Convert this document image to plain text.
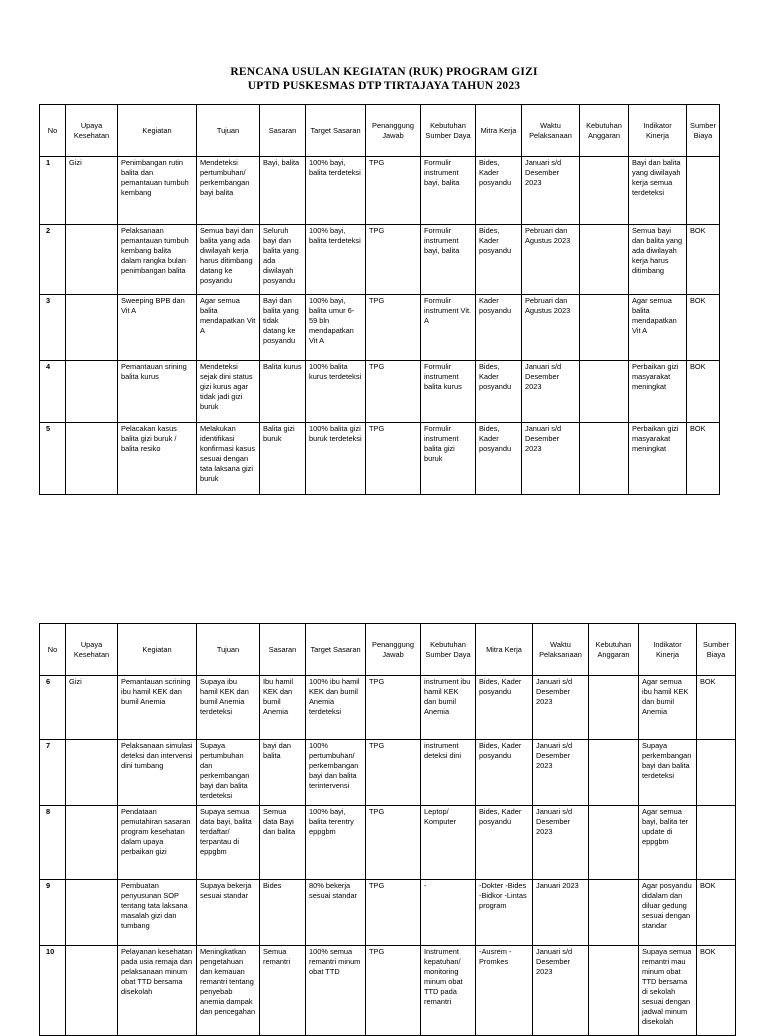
RENCANA USULAN KEGIATAN (RUK) PROGRAM GIZI
UPTD PUSKESMAS DTP TIRTAJAYA TAHUN 2023
No	Upaya Kesehatan	Kegiatan	Tujuan	Sasaran	Target Sasaran	Penanggung Jawab	Kebutuhan Sumber Daya	Mitra Kerja	Waktu Pelaksanaan	Kebutuhan Anggaran	Indikator Kinerja	Sumber Biaya
1	Gizi	Penimbangan rutin balita dan pemantauan tumbuh kembang	Mendeteksi pertumbuhan/ perkembangan bayi balita	Bayi, balita	100% bayi, balita terdeteksi	TPG	Formulir instrument bayi, balita	Bides, Kader posyandu	Januari s/d Desember 2023		Bayi dan balita yang diwilayah kerja semua terdeteksi	
2		Pelaksanaan pemantauan tumbuh kembang balita dalam rangka bulan penimbangan balita	Semua bayi dan balita yang ada diwilayah kerja harus ditimbang datang ke posyandu	Seluruh bayi dan balita yang ada diwilayah posyandu	100% bayi, balita terdeteksi	TPG	Formulir instrument bayi, balita	Bides, Kader posyandu	Pebruari dan Agustus 2023		Semua bayi dan balita yang ada diwilayah kerja harus ditimbang	BOK
3		Sweeping BPB dan Vit A	Agar semua balita mendapatkan Vit A	Bayi dan balita yang tidak datang ke posyandu	100% bayi, balita umur 6-59 bln mendapatkan Vit A	TPG	Formulir instrument Vit. A	Kader posyandu	Pebruari dan Agustus 2023		Agar semua balita mendapatkan Vit A	BOK
4		Pemantauan srining balita kurus	Mendeteksi sejak dini status gizi kurus agar tidak jadi gizi buruk	Balita kurus	100% balita kurus terdeteksi	TPG	Formulir instrument balita kurus	Bides, Kader posyandu	Januari s/d Desember 2023		Perbaikan gizi masyarakat meningkat	BOK
5		Pelacakan kasus balita gizi buruk / balita resiko	Melakukan identifikasi konfirmasi kasus sesuai dengan tata laksana gizi buruk	Balita gizi buruk	100% balita gizi buruk terdeteksi	TPG	Formulir instrument balita gizi buruk	Bides, Kader posyandu	Januari s/d Desember 2023		Perbaikan gizi masyarakat meningkat	BOK
No	Upaya Kesehatan	Kegiatan	Tujuan	Sasaran	Target Sasaran	Penanggung Jawab	Kebutuhan Sumber Daya	Mitra Kerja	Waktu Pelaksanaan	Kebutuhan Anggaran	Indikator Kinerja	Sumber Biaya
6	Gizi	Pemantauan scrining ibu hamil KEK dan bumil Anemia	Supaya ibu hamil KEK dan bumil Anemia terdeteksi	Ibu hamil KEK dan bumil Anemia	100% ibu hamil KEK dan bumil Anemia terdeteksi	TPG	instrument ibu hamil KEK dan bumil Anemia	Bides, Kader posyandu	Januari s/d Desember 2023		Agar semua ibu hamil KEK dan bumil Anemia	BOK
7		Pelaksanaan simulasi deteksi dan intervensi dini tumbang	Supaya pertumbuhan dan perkembangan bayi dan balita terdeteksi	bayi dan balita	100% pertumbuhan/ perkembangan bayi dan balita terintervensi	TPG	instrument deteksi dini	Bides, Kader posyandu	Januari s/d Desember 2023		Supaya perkembangan bayi dan balita terdeteksi	
8		Pendataan pemutahiran sasaran program kesehatan dalam upaya perbaikan gizi	Supaya semua data bayi, balita terdaftar/ terpantau di eppgbm	Semua data Bayi dan balita	100% bayi, balita terentry eppgbm	TPG	Leptop/ Komputer	Bides, Kader posyandu	Januari s/d Desember 2023		Agar semua bayi, balita ter update di eppgbm	
9		Pembuatan penyusunan SOP tentang tata laksana masalah gizi dan tumbang	Supaya bekerja sesuai standar	Bides	80% bekerja sesuai standar	TPG	-	-Dokter -Bides -Bidkor -Lintas program	Januari 2023		Agar posyandu didalam dan diluar gedung sesuai dengan standar	BOK
10		Pelayanan kesehatan pada usia remaja dan pelaksanaan minum obat TTD bersama disekolah	Meningkatkan pengetahuan dan kemauan remantri tentang penyebab anemia dampak dan pencegahan	Semua remantri	100% semua remantri minum obat TTD	TPG	Instrument kepatuhan/ monitoring minum obat TTD pada remantri	-Ausrem -Promkes	Januari s/d Desember 2023		Supaya semua remantri mau minum obat TTD bersama di sekolah sesuai dengan jadwal minum disekolah	BOK
